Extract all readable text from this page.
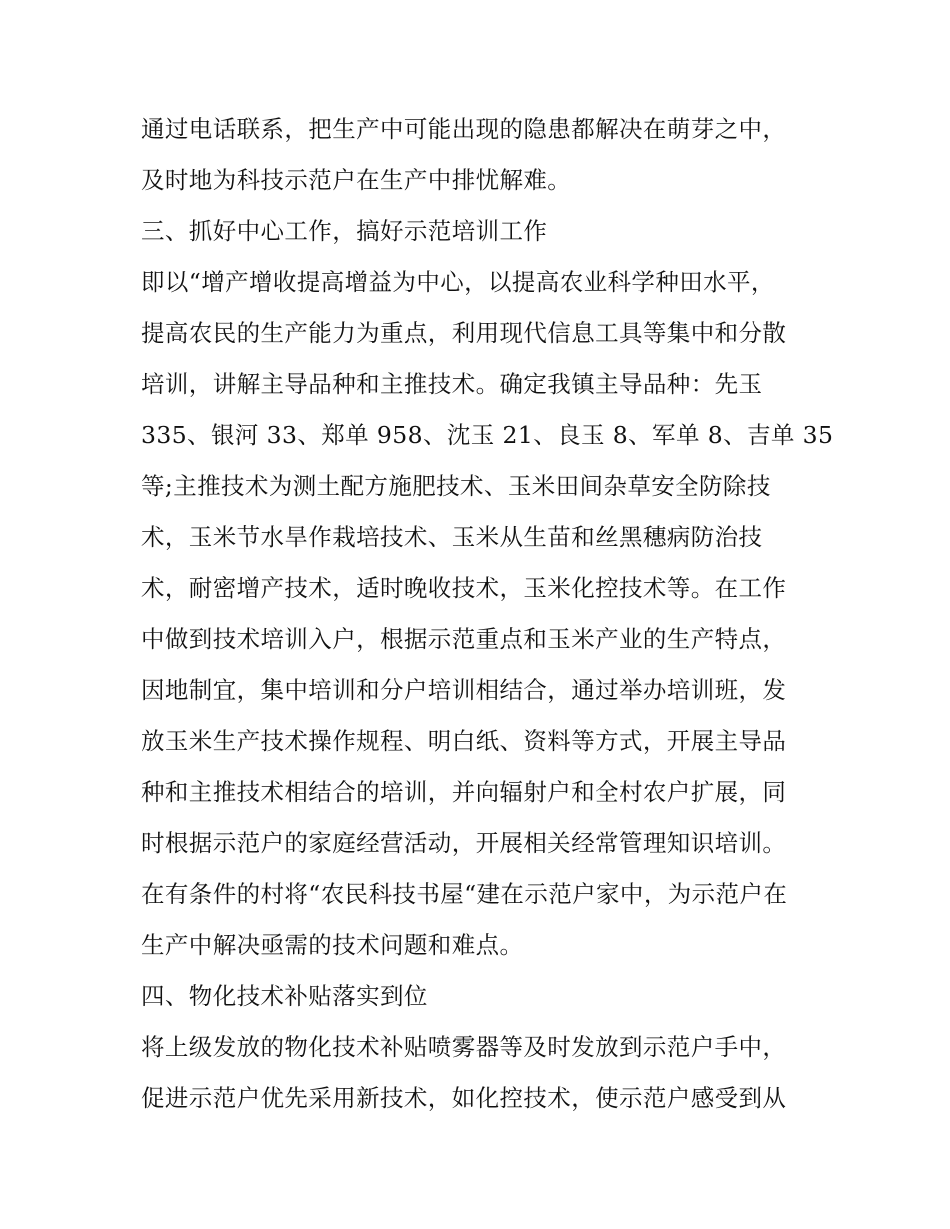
通过电话联系，把生产中可能出现的隐患都解决在萌芽之中，
及时地为科技示范户在生产中排忧解难。
三、抓好中心工作，搞好示范培训工作
即以“增产增收提高增益为中心，以提高农业科学种田水平，
提高农民的生产能力为重点，利用现代信息工具等集中和分散
培训，讲解主导品种和主推技术。确定我镇主导品种：先玉
335、银河 33、郑单 958、沈玉 21、良玉 8、军单 8、吉单 35
等;主推技术为测土配方施肥技术、玉米田间杂草安全防除技
术，玉米节水旱作栽培技术、玉米从生苗和丝黑穗病防治技
术，耐密增产技术，适时晚收技术，玉米化控技术等。在工作
中做到技术培训入户，根据示范重点和玉米产业的生产特点，
因地制宜，集中培训和分户培训相结合，通过举办培训班，发
放玉米生产技术操作规程、明白纸、资料等方式，开展主导品
种和主推技术相结合的培训，并向辐射户和全村农户扩展，同
时根据示范户的家庭经营活动，开展相关经常管理知识培训。
在有条件的村将“农民科技书屋“建在示范户家中，为示范户在
生产中解决亟需的技术问题和难点。
四、物化技术补贴落实到位
将上级发放的物化技术补贴喷雾器等及时发放到示范户手中，
促进示范户优先采用新技术，如化控技术，使示范户感受到从
